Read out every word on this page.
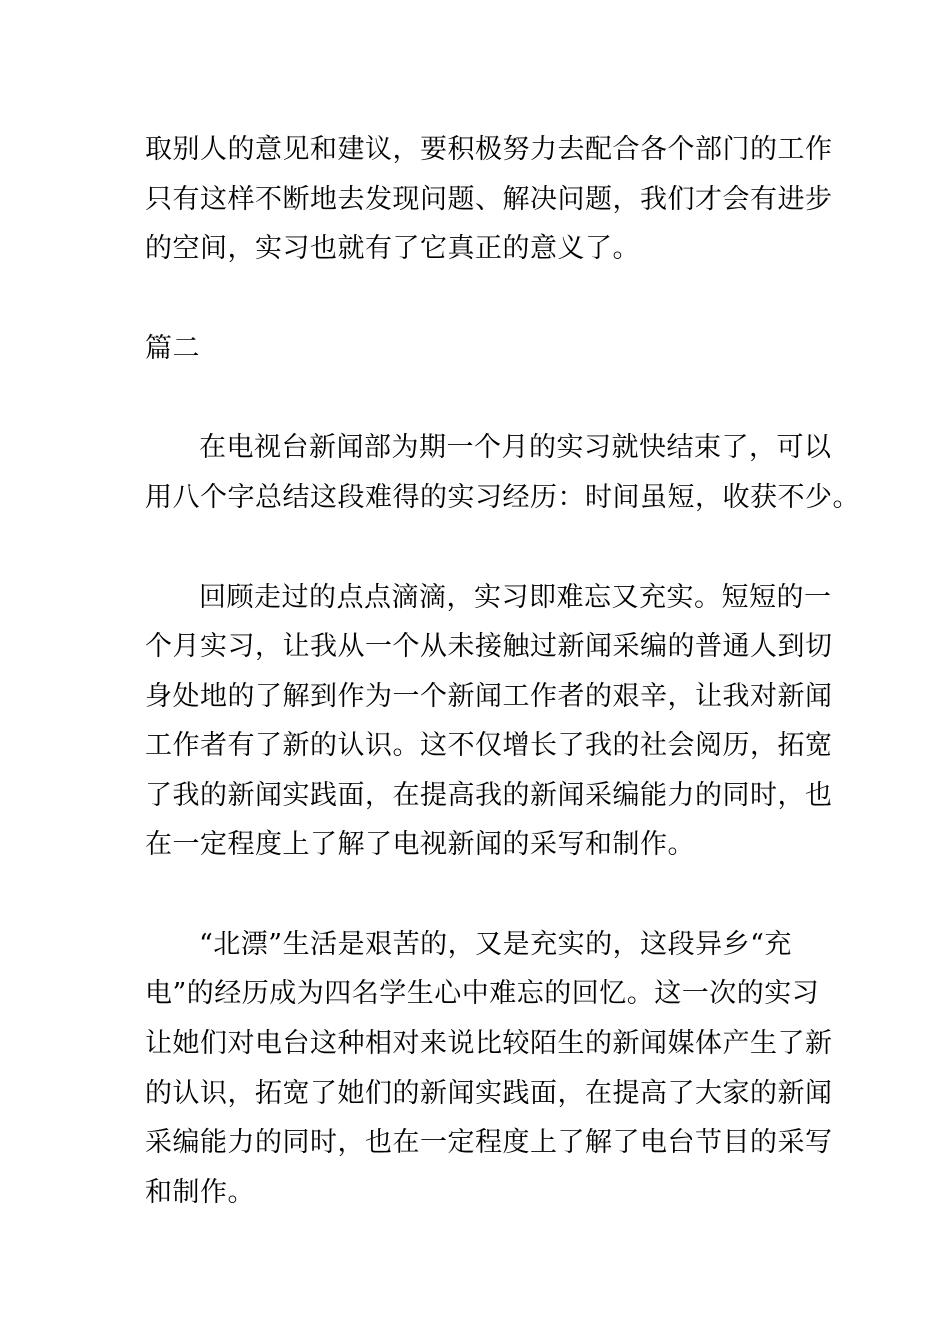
取别人的意见和建议，要积极努力去配合各个部门的工作
只有这样不断地去发现问题、解决问题，我们才会有进步
的空间，实习也就有了它真正的意义了。
篇二
在电视台新闻部为期一个月的实习就快结束了，可以
用八个字总结这段难得的实习经历：时间虽短，收获不少。
回顾走过的点点滴滴，实习即难忘又充实。短短的一
个月实习，让我从一个从未接触过新闻采编的普通人到切
身处地的了解到作为一个新闻工作者的艰辛，让我对新闻
工作者有了新的认识。这不仅增长了我的社会阅历，拓宽
了我的新闻实践面，在提高我的新闻采编能力的同时，也
在一定程度上了解了电视新闻的采写和制作。
“北漂”生活是艰苦的，又是充实的，这段异乡“充
电”的经历成为四名学生心中难忘的回忆。这一次的实习
让她们对电台这种相对来说比较陌生的新闻媒体产生了新
的认识，拓宽了她们的新闻实践面，在提高了大家的新闻
采编能力的同时，也在一定程度上了解了电台节目的采写
和制作。
